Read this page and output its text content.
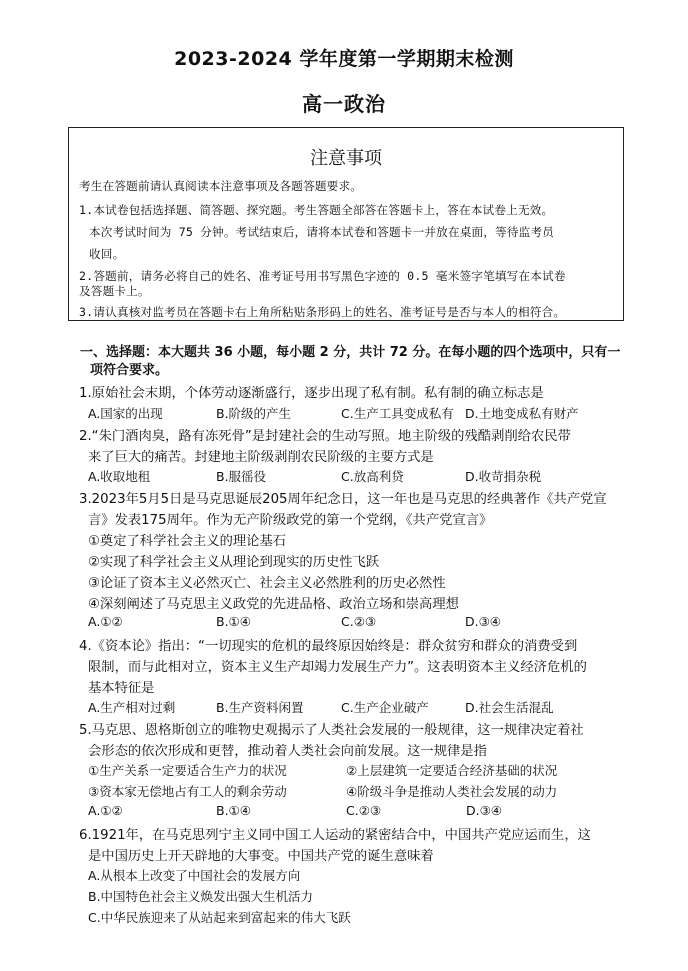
2023-2024 学年度第一学期期末检测
高一政治
注意事项
考生在答题前请认真阅读本注意事项及各题答题要求。
1.本试卷包括选择题、简答题、探究题。考生答题全部答在答题卡上，答在本试卷上无效。
本次考试时间为 75 分钟。考试结束后，请将本试卷和答题卡一并放在桌面，等待监考员
收回。
2.答题前，请务必将自己的姓名、准考证号用书写黑色字迹的 0.5 毫米签字笔填写在本试卷
及答题卡上。
3.请认真核对监考员在答题卡右上角所粘贴条形码上的姓名、准考证号是否与本人的相符合。
一、选择题：本大题共 36 小题，每小题 2 分，共计 72 分。在每小题的四个选项中，只有一
项符合要求。
1.原始社会末期，个体劳动逐渐盛行，逐步出现了私有制。私有制的确立标志是
A.国家的出现	B.阶级的产生	C.生产工具变成私有 D.土地变成私有财产
2.“朱门酒肉臭，路有冻死骨”是封建社会的生动写照。地主阶级的残酷剥削给农民带
来了巨大的痛苦。封建地主阶级剥削农民阶级的主要方式是
A.收取地租	B.服徭役	C.放高利贷	D.收苛捐杂税
3.2023年5月5日是马克思诞辰205周年纪念日，这一年也是马克思的经典著作《共产党宣
言》发表175周年。作为无产阶级政党的第一个党纲，《共产党宣言》
①奠定了科学社会主义的理论基石
②实现了科学社会主义从理论到现实的历史性飞跃
③论证了资本主义必然灭亡、社会主义必然胜利的历史必然性
④深刻阐述了马克思主义政党的先进品格、政治立场和崇高理想
A.①②	B.①④	C.②③	D.③④
4.《资本论》指出：“一切现实的危机的最终原因始终是：群众贫穷和群众的消费受到
限制，而与此相对立，资本主义生产却竭力发展生产力”。这表明资本主义经济危机的
基本特征是
A.生产相对过剩	B.生产资料闲置	C.生产企业破产	D.社会生活混乱
5.马克思、恩格斯创立的唯物史观揭示了人类社会发展的一般规律，这一规律决定着社
会形态的依次形成和更替，推动着人类社会向前发展。这一规律是指
①生产关系一定要适合生产力的状况	②上层建筑一定要适合经济基础的状况
③资本家无偿地占有工人的剩余劳动	④阶级斗争是推动人类社会发展的动力
A.①②	B.①④	C.②③	D.③④
6.1921年，在马克思列宁主义同中国工人运动的紧密结合中，中国共产党应运而生，这
是中国历史上开天辟地的大事变。中国共产党的诞生意味着
A.从根本上改变了中国社会的发展方向
B.中国特色社会主义焕发出强大生机活力
C.中华民族迎来了从站起来到富起来的伟大飞跃
